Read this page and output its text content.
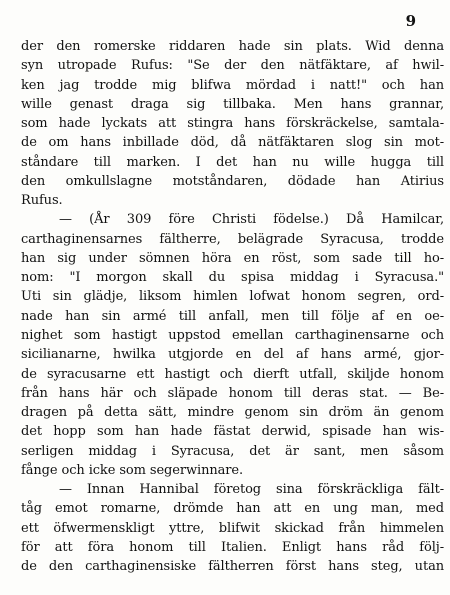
9
der den romerske riddaren hade sin plats. Wid denna
syn utropade Rufus: "Se der den nätfäktare, af hwil-
ken jag trodde mig blifwa mördad i natt!" och han
wille genast draga sig tillbaka. Men hans grannar,
som hade lyckats att stingra hans förskräckelse, samtala-
de om hans inbillade död, då nätfäktaren slog sin mot-
ståndare till marken. I det han nu wille hugga till
den omkullslagne motståndaren, dödade han Atirius
Rufus.
— (År 309 före Christi födelse.) Då Hamilcar,
carthaginensarnes fältherre, belägrade Syracusa, trodde
han sig under sömnen höra en röst, som sade till ho-
nom: "I morgon skall du spisa middag i Syracusa."
Uti sin glädje, liksom himlen lofwat honom segren, ord-
nade han sin armé till anfall, men till följe af en oe-
nighet som hastigt uppstod emellan carthaginensarne och
sicilianarne, hwilka utgjorde en del af hans armé, gjor-
de syracusarne ett hastigt och dierft utfall, skiljde honom
från hans här och släpade honom till deras stat. — Be-
dragen på detta sätt, mindre genom sin dröm än genom
det hopp som han hade fästat derwid, spisade han wis-
serligen middag i Syracusa, det är sant, men såsom
fånge och icke som segerwinnare.
— Innan Hannibal företog sina förskräckliga fält-
tåg emot romarne, drömde han att en ung man, med
ett öfwermenskligt yttre, blifwit skickad från himmelen
för att föra honom till Italien. Enligt hans råd följ-
de den carthaginensiske fältherren först hans steg, utan
